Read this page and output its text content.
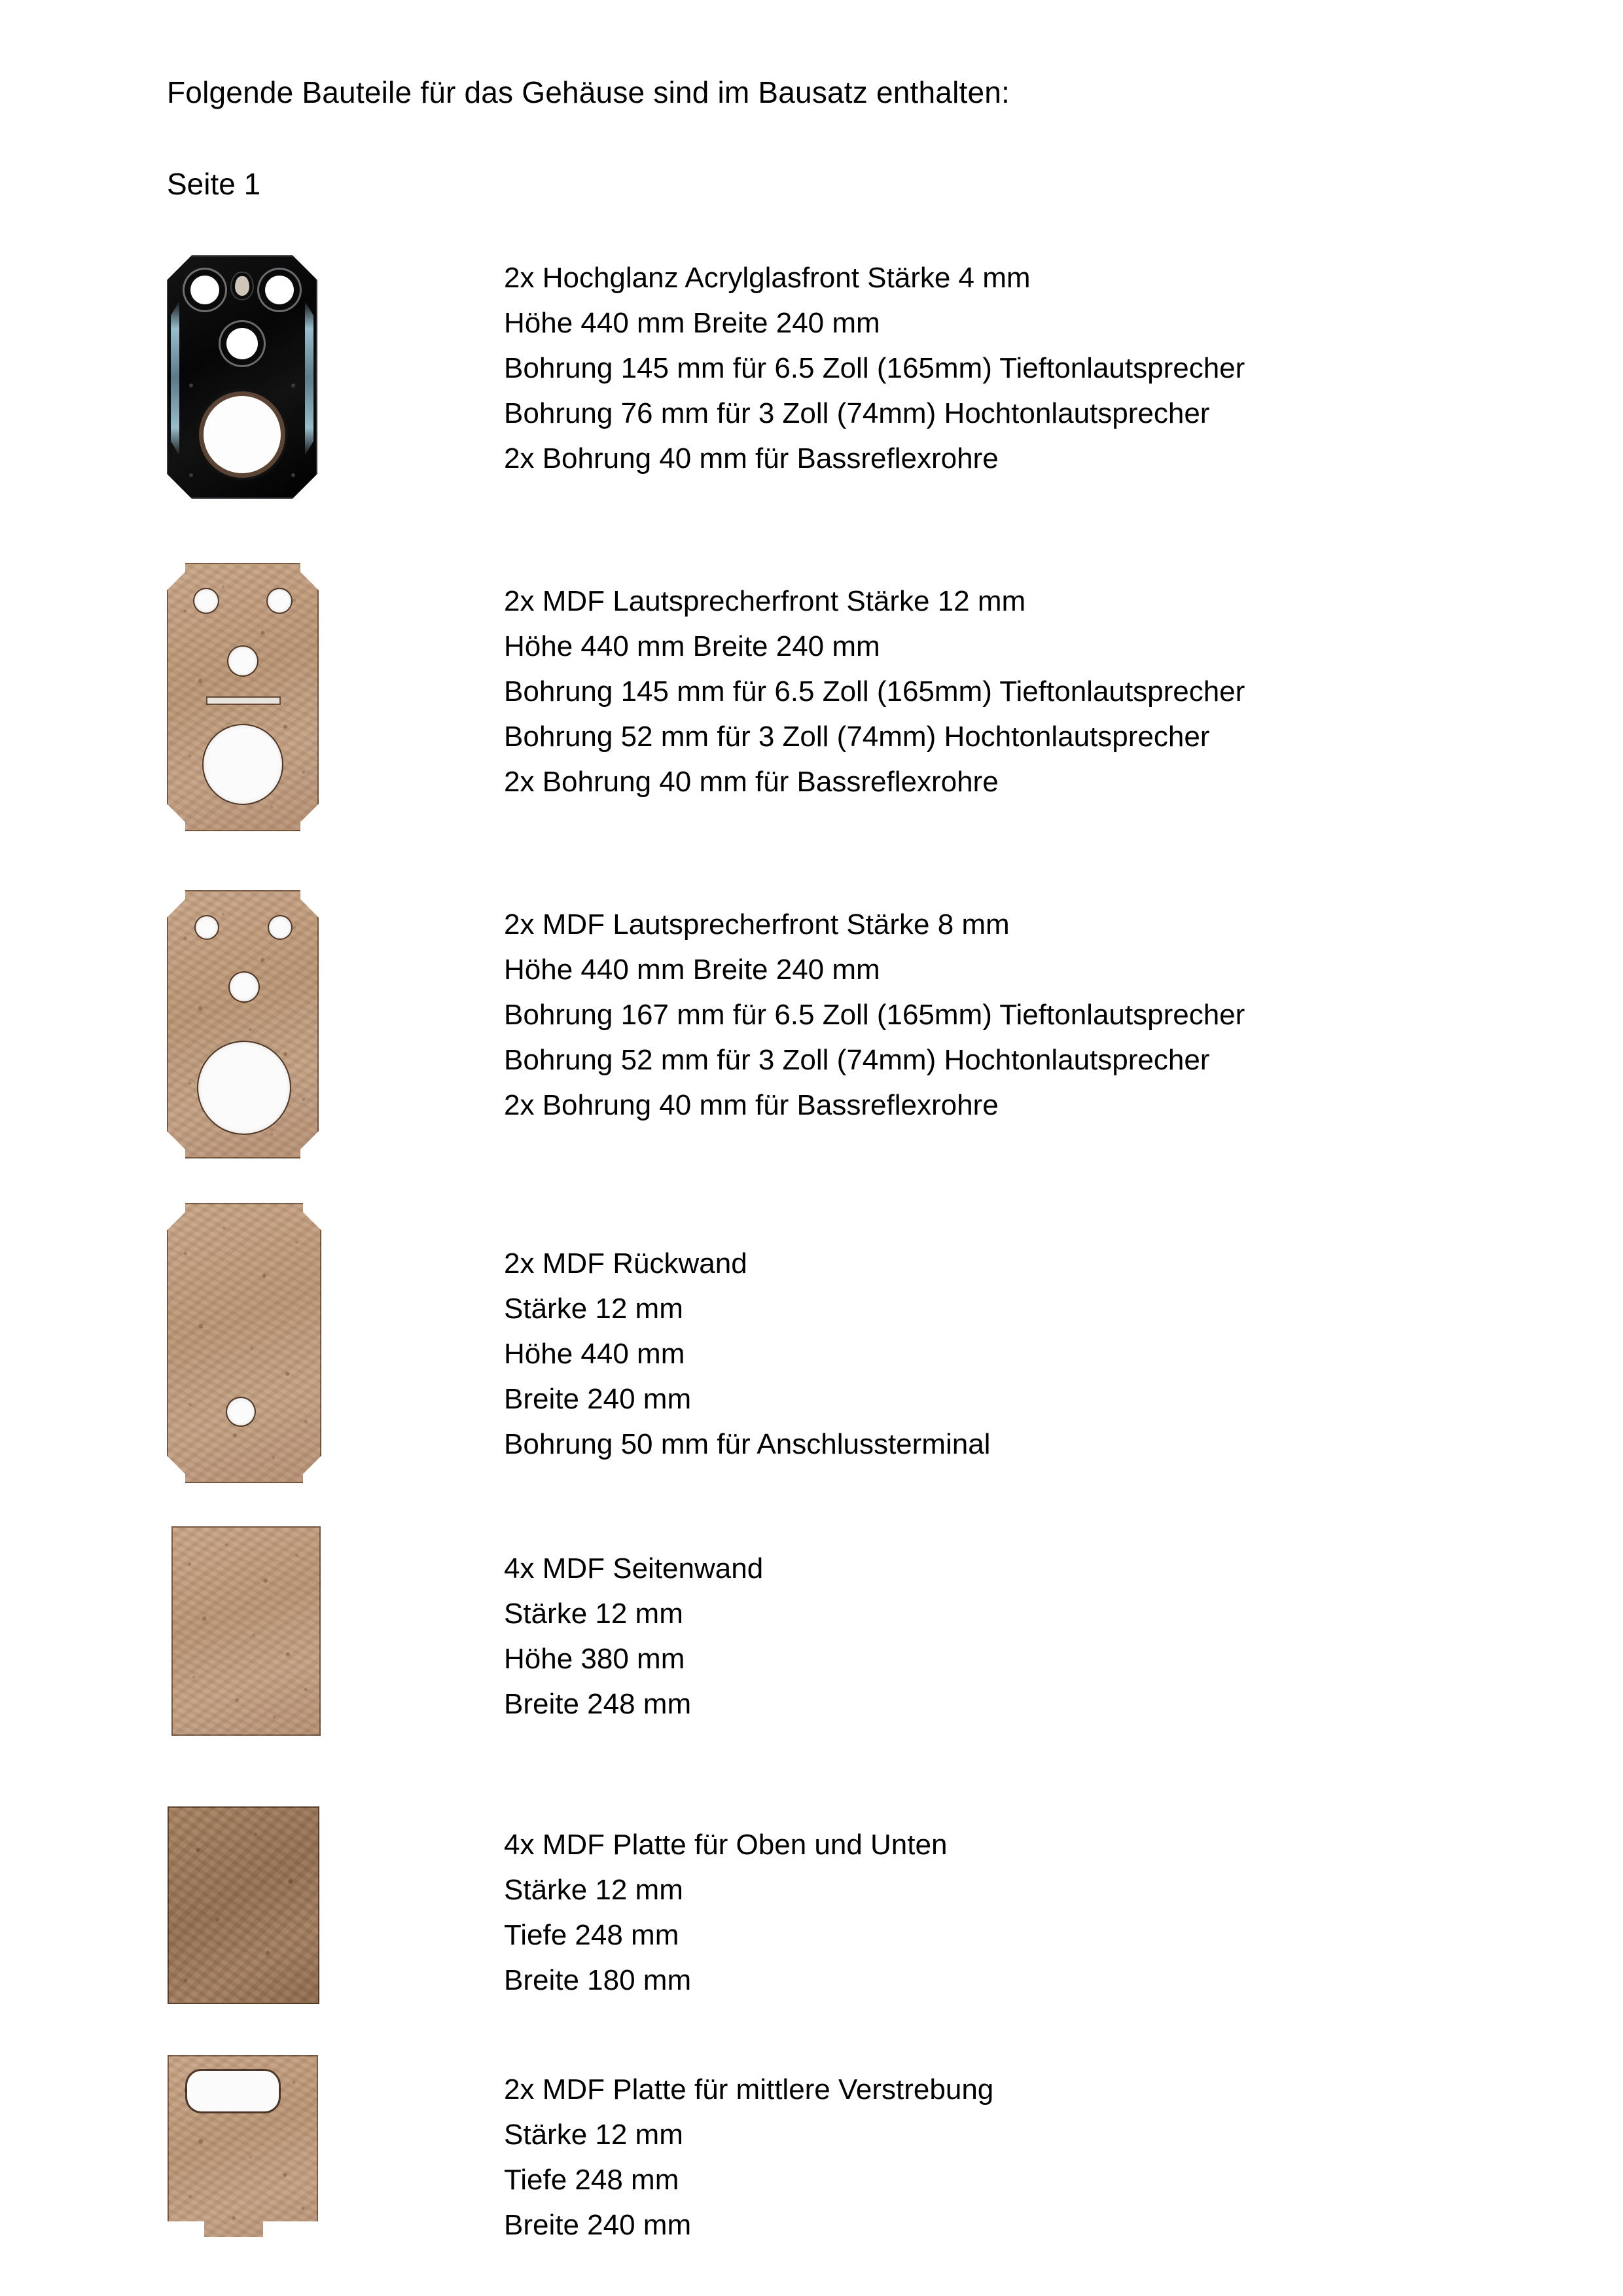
Folgende Bauteile für das Gehäuse sind im Bausatz enthalten:
Seite 1
2x Hochglanz Acrylglasfront Stärke 4 mm
Höhe 440 mm Breite 240 mm
Bohrung 145 mm für 6.5 Zoll (165mm) Tieftonlautsprecher
Bohrung 76 mm für 3 Zoll (74mm) Hochtonlautsprecher
2x Bohrung 40 mm für Bassreflexrohre
2x MDF Lautsprecherfront Stärke 12 mm
Höhe 440 mm Breite 240 mm
Bohrung 145 mm für 6.5 Zoll (165mm) Tieftonlautsprecher
Bohrung 52 mm für 3 Zoll (74mm) Hochtonlautsprecher
2x Bohrung 40 mm für Bassreflexrohre
2x MDF Lautsprecherfront Stärke 8 mm
Höhe 440 mm Breite 240 mm
Bohrung 167 mm für 6.5 Zoll (165mm) Tieftonlautsprecher
Bohrung 52 mm für 3 Zoll (74mm) Hochtonlautsprecher
2x Bohrung 40 mm für Bassreflexrohre
2x MDF Rückwand
Stärke 12 mm
Höhe 440 mm
Breite 240 mm
Bohrung 50 mm für Anschlussterminal
4x MDF Seitenwand
Stärke 12 mm
Höhe 380 mm
Breite 248 mm
4x MDF Platte für Oben und Unten
Stärke 12 mm
Tiefe 248 mm
Breite 180 mm
2x MDF Platte für mittlere Verstrebung
Stärke 12 mm
Tiefe 248 mm
Breite 240 mm
